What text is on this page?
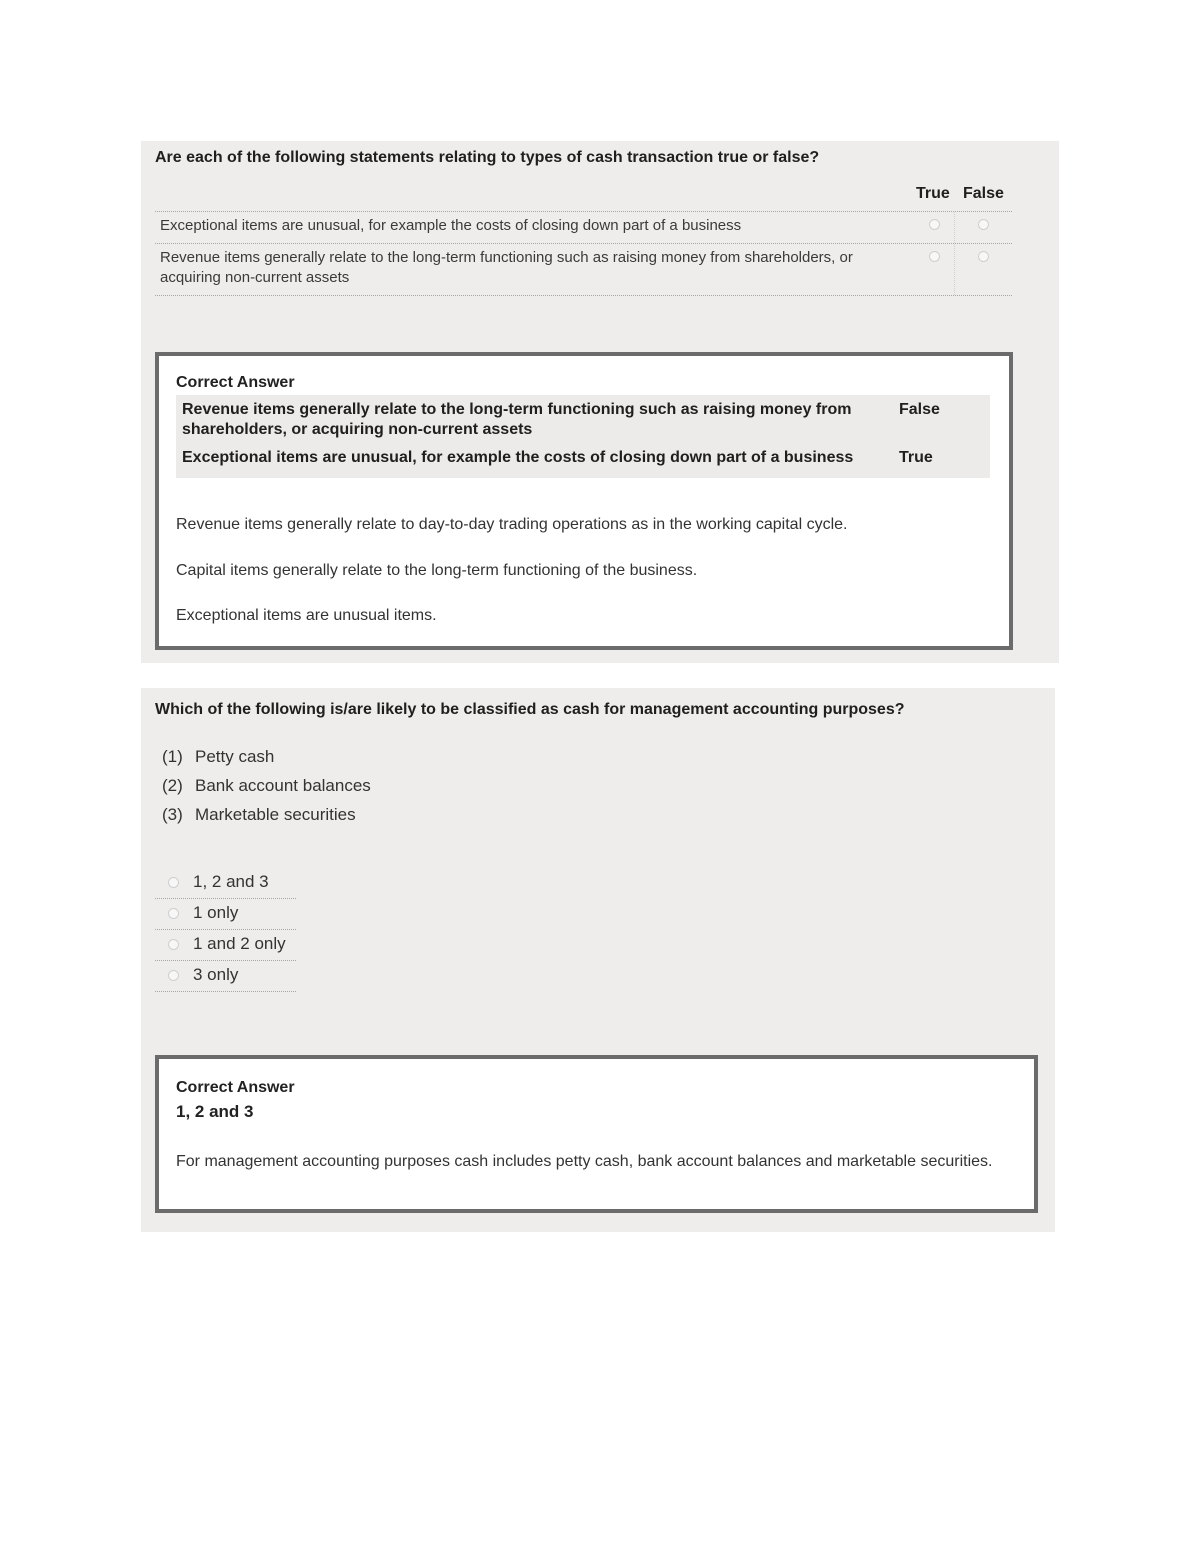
Are each of the following statements relating to types of cash transaction true or false?
True False
Exceptional items are unusual, for example the costs of closing down part of a business
Revenue items generally relate to the long-term functioning such as raising money from shareholders, or acquiring non-current assets
Correct Answer
Revenue items generally relate to the long-term functioning such as raising money from shareholders, or acquiring non-current assets
False
Exceptional items are unusual, for example the costs of closing down part of a business	True
Revenue items generally relate to day-to-day trading operations as in the working capital cycle.
Capital items generally relate to the long-term functioning of the business.
Exceptional items are unusual items.
Which of the following is/are likely to be classified as cash for management accounting purposes?
(1) Petty cash
(2) Bank account balances
(3) Marketable securities
1, 2 and 3
1 only
1 and 2 only
3 only
Correct Answer
1, 2 and 3
For management accounting purposes cash includes petty cash, bank account balances and marketable securities.
